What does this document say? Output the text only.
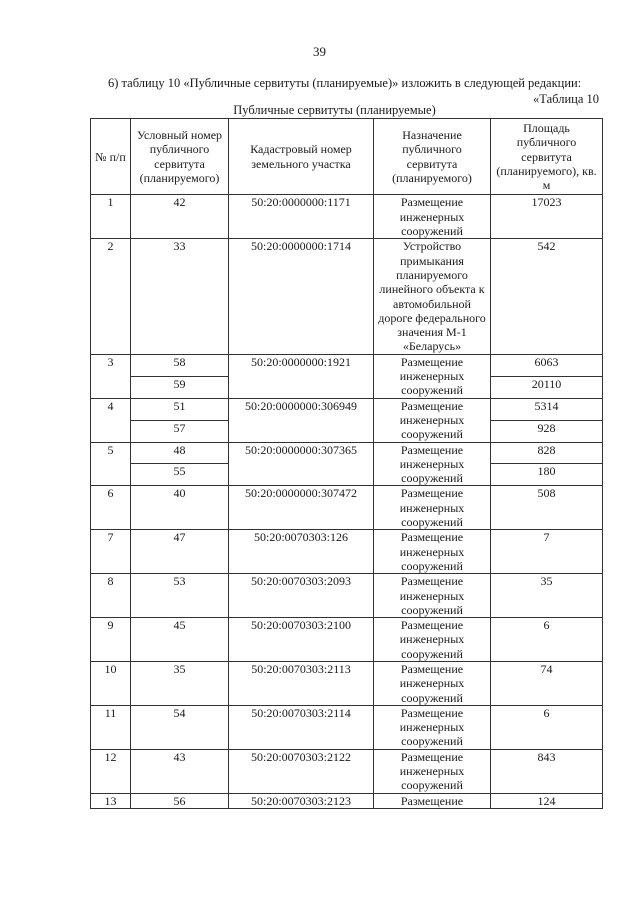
39
6) таблицу 10 «Публичные сервитуты (планируемые)» изложить в следующей редакции:
«Таблица 10
Публичные сервитуты (планируемые)
№ п/п	Условный номер публичного сервитута (планируемого)	Кадастровый номер земельного участка	Назначение публичного сервитута (планируемого)	Площадь публичного сервитута (планируемого), кв. м
1	42	50:20:0000000:1171	Размещение инженерных сооружений	17023
2	33	50:20:0000000:1714	Устройство примыкания планируемого линейного объекта к автомобильной дороге федерального значения М-1 «Беларусь»	542
3	58	50:20:0000000:1921	Размещение инженерных сооружений	6063
	59			20110
4	51	50:20:0000000:306949	Размещение инженерных сооружений	5314
	57			928
5	48	50:20:0000000:307365	Размещение инженерных сооружений	828
	55			180
6	40	50:20:0000000:307472	Размещение инженерных сооружений	508
7	47	50:20:0070303:126	Размещение инженерных сооружений	7
8	53	50:20:0070303:2093	Размещение инженерных сооружений	35
9	45	50:20:0070303:2100	Размещение инженерных сооружений	6
10	35	50:20:0070303:2113	Размещение инженерных сооружений	74
11	54	50:20:0070303:2114	Размещение инженерных сооружений	6
12	43	50:20:0070303:2122	Размещение инженерных сооружений	843
13	56	50:20:0070303:2123	Размещение	124
